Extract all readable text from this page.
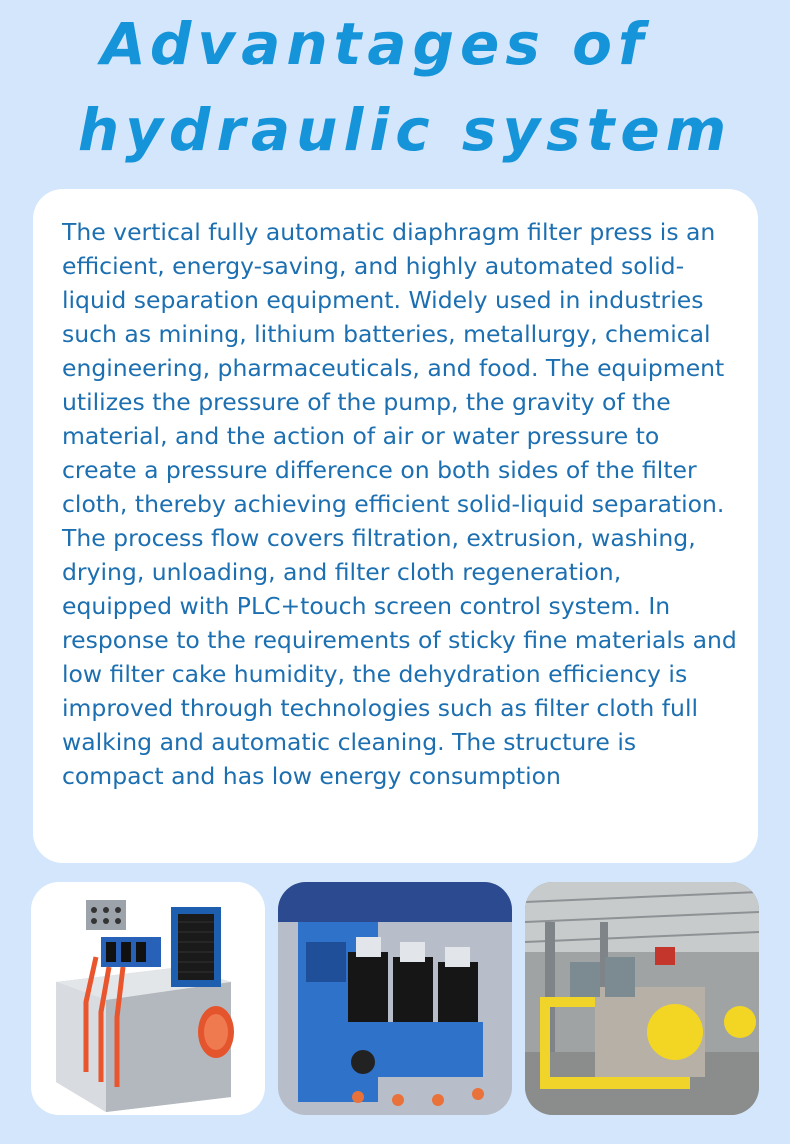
Advantages of
hydraulic system

The vertical fully automatic diaphragm filter press is an efficient, energy-saving, and highly automated solid-liquid separation equipment. Widely used in industries such as mining, lithium batteries, metallurgy, chemical engineering, pharmaceuticals, and food. The equipment utilizes the pressure of the pump, the gravity of the material, and the action of air or water pressure to create a pressure difference on both sides of the filter cloth, thereby achieving efficient solid-liquid separation. The process flow covers filtration, extrusion, washing, drying, unloading, and filter cloth regeneration, equipped with PLC+touch screen control system. In response to the requirements of sticky fine materials and low filter cake humidity, the dehydration efficiency is improved through technologies such as filter cloth full walking and automatic cleaning. The structure is compact and has low energy consumption
